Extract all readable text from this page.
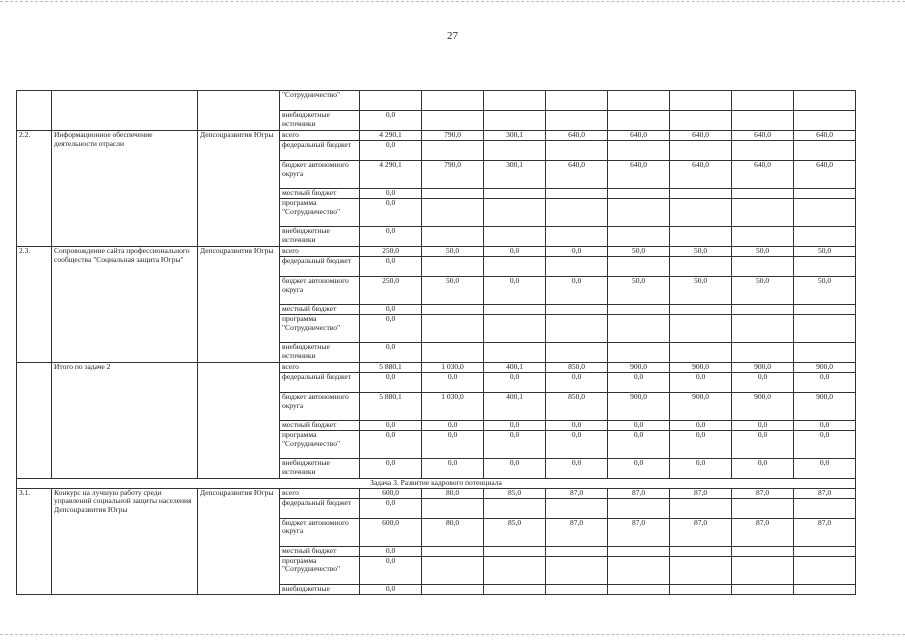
27
			"Сотрудничество"								
			внебюджетные источники	0,0							
2.2.	Информационное обеспечение деятельности отрасли	Депсоцразвития Югры	всего	4 290,1	790,0	300,1	640,0	640,0	640,0	640,0	640,0
			федеральный бюджет	0,0							
			бюджет автономного округа	4 290,1	790,0	300,1	640,0	640,0	640,0	640,0	640,0
			местный бюджет	0,0							
			программа "Сотрудничество"	0,0							
			внебюджетные источники	0,0							
2.3.	Сопровождение сайта профессионального сообщества "Социальная защита Югры"	Депсоцразвития Югры	всего	250,0	50,0	0,0	0,0	50,0	50,0	50,0	50,0
			федеральный бюджет	0,0							
			бюджет автономного округа	250,0	50,0	0,0	0,0	50,0	50,0	50,0	50,0
			местный бюджет	0,0							
			программа "Сотрудничество"	0,0							
			внебюджетные источники	0,0							
	Итого по задаче 2		всего	5 880,1	1 030,0	400,1	850,0	900,0	900,0	900,0	900,0
			федеральный бюджет	0,0	0,0	0,0	0,0	0,0	0,0	0,0	0,0
			бюджет автономного округа	5 880,1	1 030,0	400,1	850,0	900,0	900,0	900,0	900,0
			местный бюджет	0,0	0,0	0,0	0,0	0,0	0,0	0,0	0,0
			программа "Сотрудничество"	0,0	0,0	0,0	0,0	0,0	0,0	0,0	0,0
			внебюджетные источники	0,0	0,0	0,0	0,0	0,0	0,0	0,0	0,0
Задача 3. Развитие кадрового потенциала											
3.1.	Конкурс на лучшую работу среди управлений социальной защиты населения Депсоцразвития Югры	Депсоцразвития Югры	всего	600,0	80,0	85,0	87,0	87,0	87,0	87,0	87,0
			федеральный бюджет	0,0							
			бюджет автономного округа	600,0	80,0	85,0	87,0	87,0	87,0	87,0	87,0
			местный бюджет	0,0							
			программа "Сотрудничество"	0,0							
			внебюджетные	0,0							
